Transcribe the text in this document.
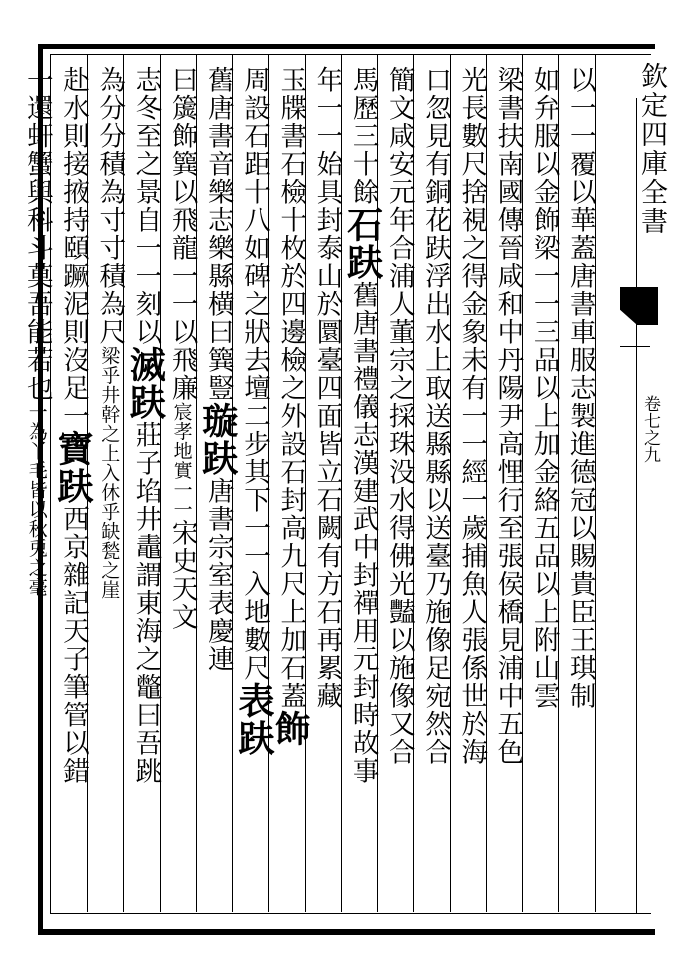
欽定四庫全書
卷七之九
以一一覆以華蓋唐書車服志製進德冠以賜貴臣王琪制
如弁服以金飾梁一一三品以上加金絡五品以上附山雲
梁書扶南國傳晉咸和中丹陽尹高悝行至張侯橋見浦中五色
光長數尺捨視之得金象未有一一經一歲捕魚人張係世於海
口忽見有銅花趺浮出水上取送縣縣以送臺乃施像足宛然合
簡文咸安元年合浦人董宗之採珠没水得佛光豔以施像又合
馬歷三十餘石趺舊唐書禮儀志漢建武中封禪用元封時故事
年一一始具封泰山於圜臺四面皆立石闕有方石再累藏
玉牒書石檢十枚於四邊檢之外設石封高九尺上加石蓋飾
周設石距十八如碑之狀去壇二步其下一一入地數尺表趺
舊唐書音樂志樂縣横曰簨豎璇趺唐書宗室表慶連
曰簴飾簨以飛龍一一以飛廉宸孝地實一一宋史天文
志冬至之景自一一刻以滅趺莊子埳井鼃謂東海之鼈曰吾跳
為分分積為寸寸積為尺梁乎井幹之上入休乎缺甃之崖
赴水則接掖持頤蹶泥則沒足一寶趺西京雜記天子筆管以錯
一還虷蟹與科斗莫吾能若也一為丫毛皆以秋兎之毫
